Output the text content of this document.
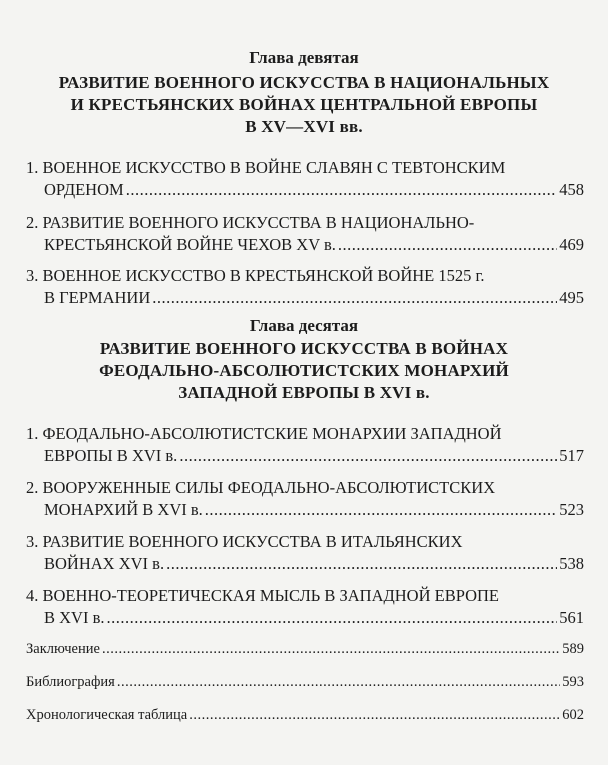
Глава девятая
РАЗВИТИЕ ВОЕННОГО ИСКУССТВА В НАЦИОНАЛЬНЫХ
И КРЕСТЬЯНСКИХ ВОЙНАХ ЦЕНТРАЛЬНОЙ ЕВРОПЫ
В XV—XVI вв.
1. ВОЕННОЕ ИСКУССТВО В ВОЙНЕ СЛАВЯН С ТЕВТОНСКИМ
ОРДЕНОМ .....	458
2. РАЗВИТИЕ ВОЕННОГО ИСКУССТВА В НАЦИОНАЛЬНО-
КРЕСТЬЯНСКОЙ ВОЙНЕ ЧЕХОВ XV в. .....	469
3. ВОЕННОЕ ИСКУССТВО В КРЕСТЬЯНСКОЙ ВОЙНЕ 1525 г.
В ГЕРМАНИИ .....	495
Глава десятая
РАЗВИТИЕ ВОЕННОГО ИСКУССТВА В ВОЙНАХ
ФЕОДАЛЬНО-АБСОЛЮТИСТСКИХ МОНАРХИЙ
ЗАПАДНОЙ ЕВРОПЫ В XVI в.
1. ФЕОДАЛЬНО-АБСОЛЮТИСТСКИЕ МОНАРХИИ ЗАПАДНОЙ
ЕВРОПЫ В XVI в. .....	517
2. ВООРУЖЕННЫЕ СИЛЫ ФЕОДАЛЬНО-АБСОЛЮТИСТСКИХ
МОНАРХИЙ В XVI в. .....	523
3. РАЗВИТИЕ ВОЕННОГО ИСКУССТВА В ИТАЛЬЯНСКИХ
ВОЙНАХ XVI в. .....	538
4. ВОЕННО-ТЕОРЕТИЧЕСКАЯ МЫСЛЬ В ЗАПАДНОЙ ЕВРОПЕ
В XVI в. .....	561
Заключение .....	589
Библиография .....	593
Хронологическая таблица .....	602
